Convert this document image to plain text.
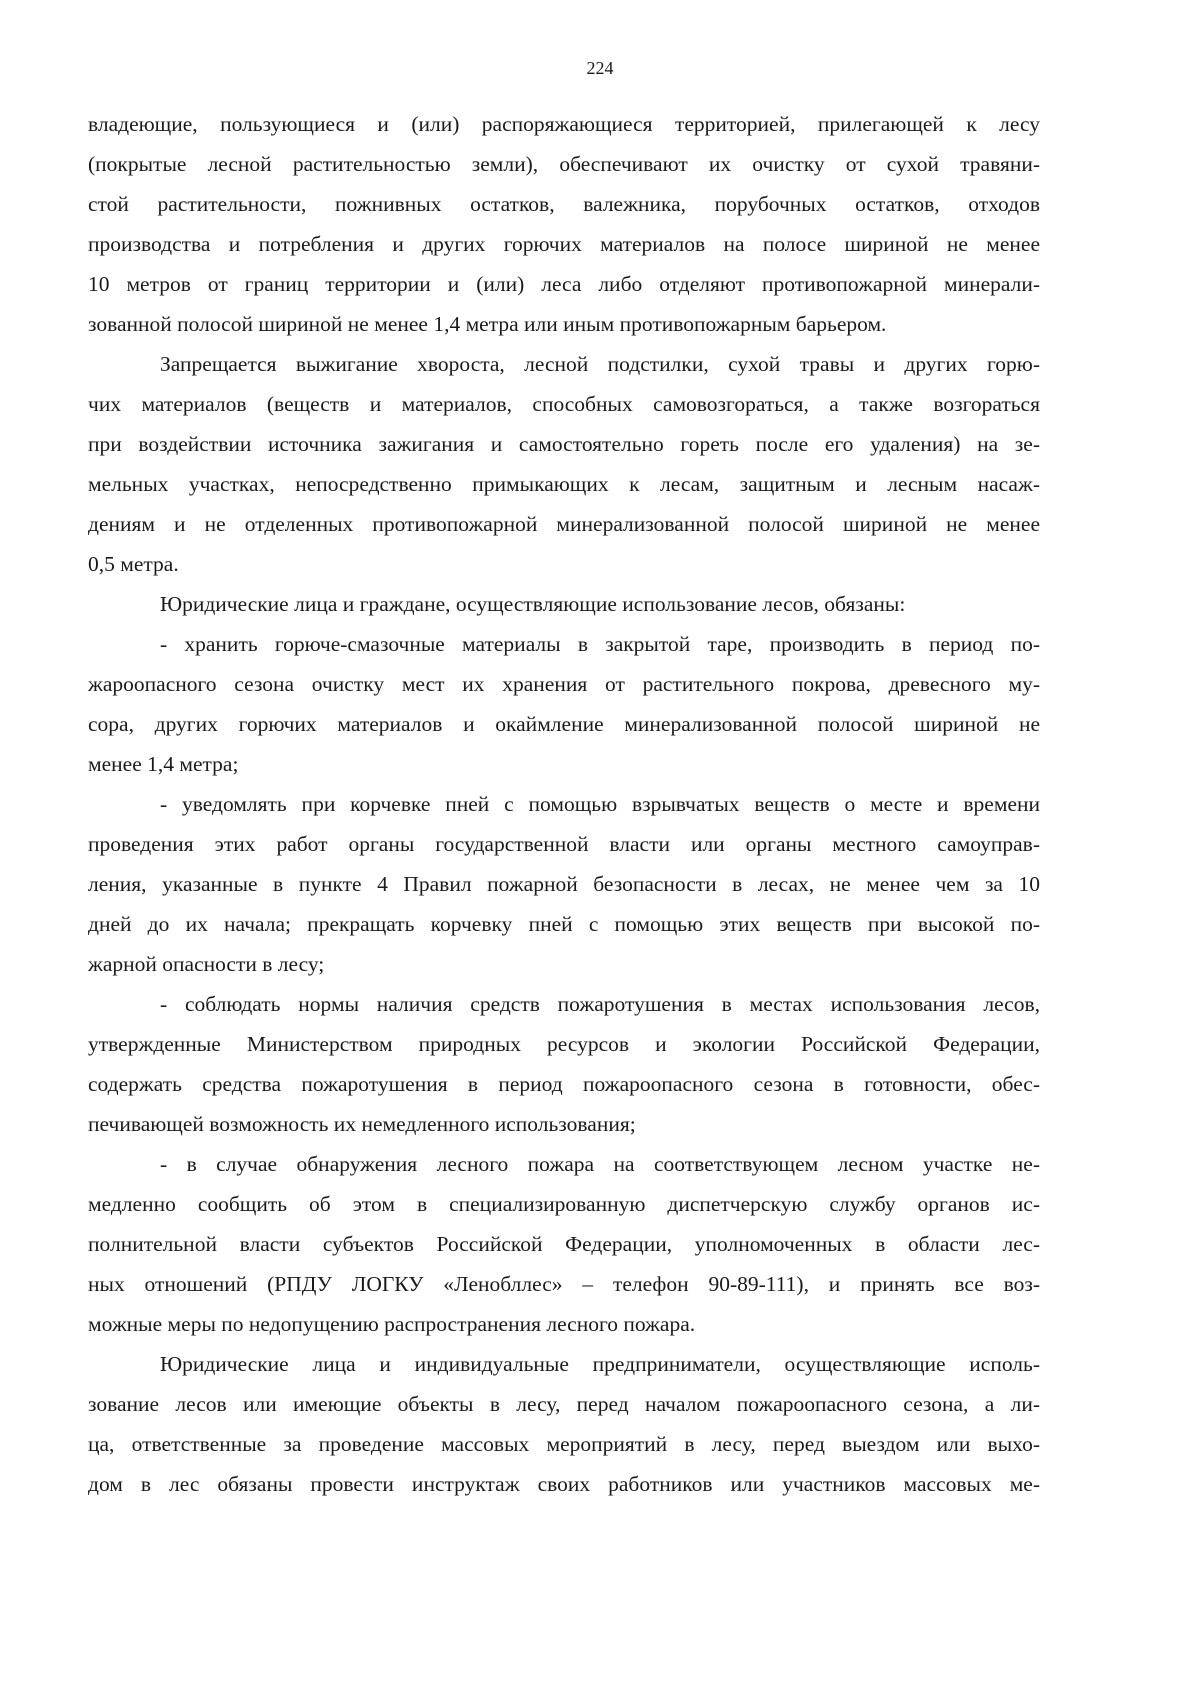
224
владеющие, пользующиеся и (или) распоряжающиеся территорией, прилегающей к лесу
(покрытые лесной растительностью земли), обеспечивают их очистку от сухой травяни-
стой растительности, пожнивных остатков, валежника, порубочных остатков, отходов
производства и потребления и других горючих материалов на полосе шириной не менее
10 метров от границ территории и (или) леса либо отделяют противопожарной минерали-
зованной полосой шириной не менее 1,4 метра или иным противопожарным барьером.
Запрещается выжигание хвороста, лесной подстилки, сухой травы и других горю-
чих материалов (веществ и материалов, способных самовозгораться, а также возгораться
при воздействии источника зажигания и самостоятельно гореть после его удаления) на зе-
мельных участках, непосредственно примыкающих к лесам, защитным и лесным насаж-
дениям и не отделенных противопожарной минерализованной полосой шириной не менее
0,5 метра.
Юридические лица и граждане, осуществляющие использование лесов, обязаны:
- хранить горюче-смазочные материалы в закрытой таре, производить в период по-
жароопасного сезона очистку мест их хранения от растительного покрова, древесного му-
сора, других горючих материалов и окаймление минерализованной полосой шириной не
менее 1,4 метра;
- уведомлять при корчевке пней с помощью взрывчатых веществ о месте и времени
проведения этих работ органы государственной власти или органы местного самоуправ-
ления, указанные в пункте 4 Правил пожарной безопасности в лесах, не менее чем за 10
дней до их начала; прекращать корчевку пней с помощью этих веществ при высокой по-
жарной опасности в лесу;
- соблюдать нормы наличия средств пожаротушения в местах использования лесов,
утвержденные Министерством природных ресурсов и экологии Российской Федерации,
содержать средства пожаротушения в период пожароопасного сезона в готовности, обес-
печивающей возможность их немедленного использования;
- в случае обнаружения лесного пожара на соответствующем лесном участке не-
медленно сообщить об этом в специализированную диспетчерскую службу органов ис-
полнительной власти субъектов Российской Федерации, уполномоченных в области лес-
ных отношений (РПДУ ЛОГКУ «Ленобллес» – телефон 90-89-111), и принять все воз-
можные меры по недопущению распространения лесного пожара.
Юридические лица и индивидуальные предприниматели, осуществляющие исполь-
зование лесов или имеющие объекты в лесу, перед началом пожароопасного сезона, а ли-
ца, ответственные за проведение массовых мероприятий в лесу, перед выездом или выхо-
дом в лес обязаны провести инструктаж своих работников или участников массовых ме-
